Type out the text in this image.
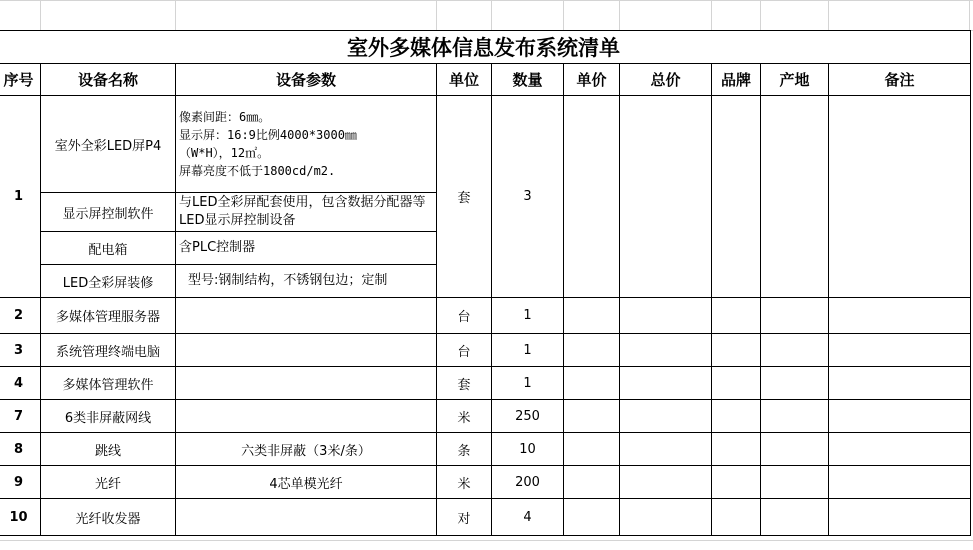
室外多媒体信息发布系统清单									
序号	设备名称	设备参数	单位	数量	单价	总价	品牌	产地	备注
1	室外全彩LED屏P4	像素间距：6㎜。
显示屏：16:9比例4000*3000㎜
（W*H），12㎡。
屏幕亮度不低于1800cd/m2.	套	3					
	显示屏控制软件	与LED全彩屏配套使用，包含数据分配器等LED显示屏控制设备							
	配电箱	含PLC控制器							
	LED全彩屏装修	型号:钢制结构，不锈钢包边；定制							
2	多媒体管理服务器		台	1					
3	系统管理终端电脑		台	1					
4	多媒体管理软件		套	1					
7	6类非屏蔽网线		米	250					
8	跳线	六类非屏蔽（3米/条）	条	10					
9	光纤	4芯单模光纤	米	200					
10	光纤收发器		对	4					
